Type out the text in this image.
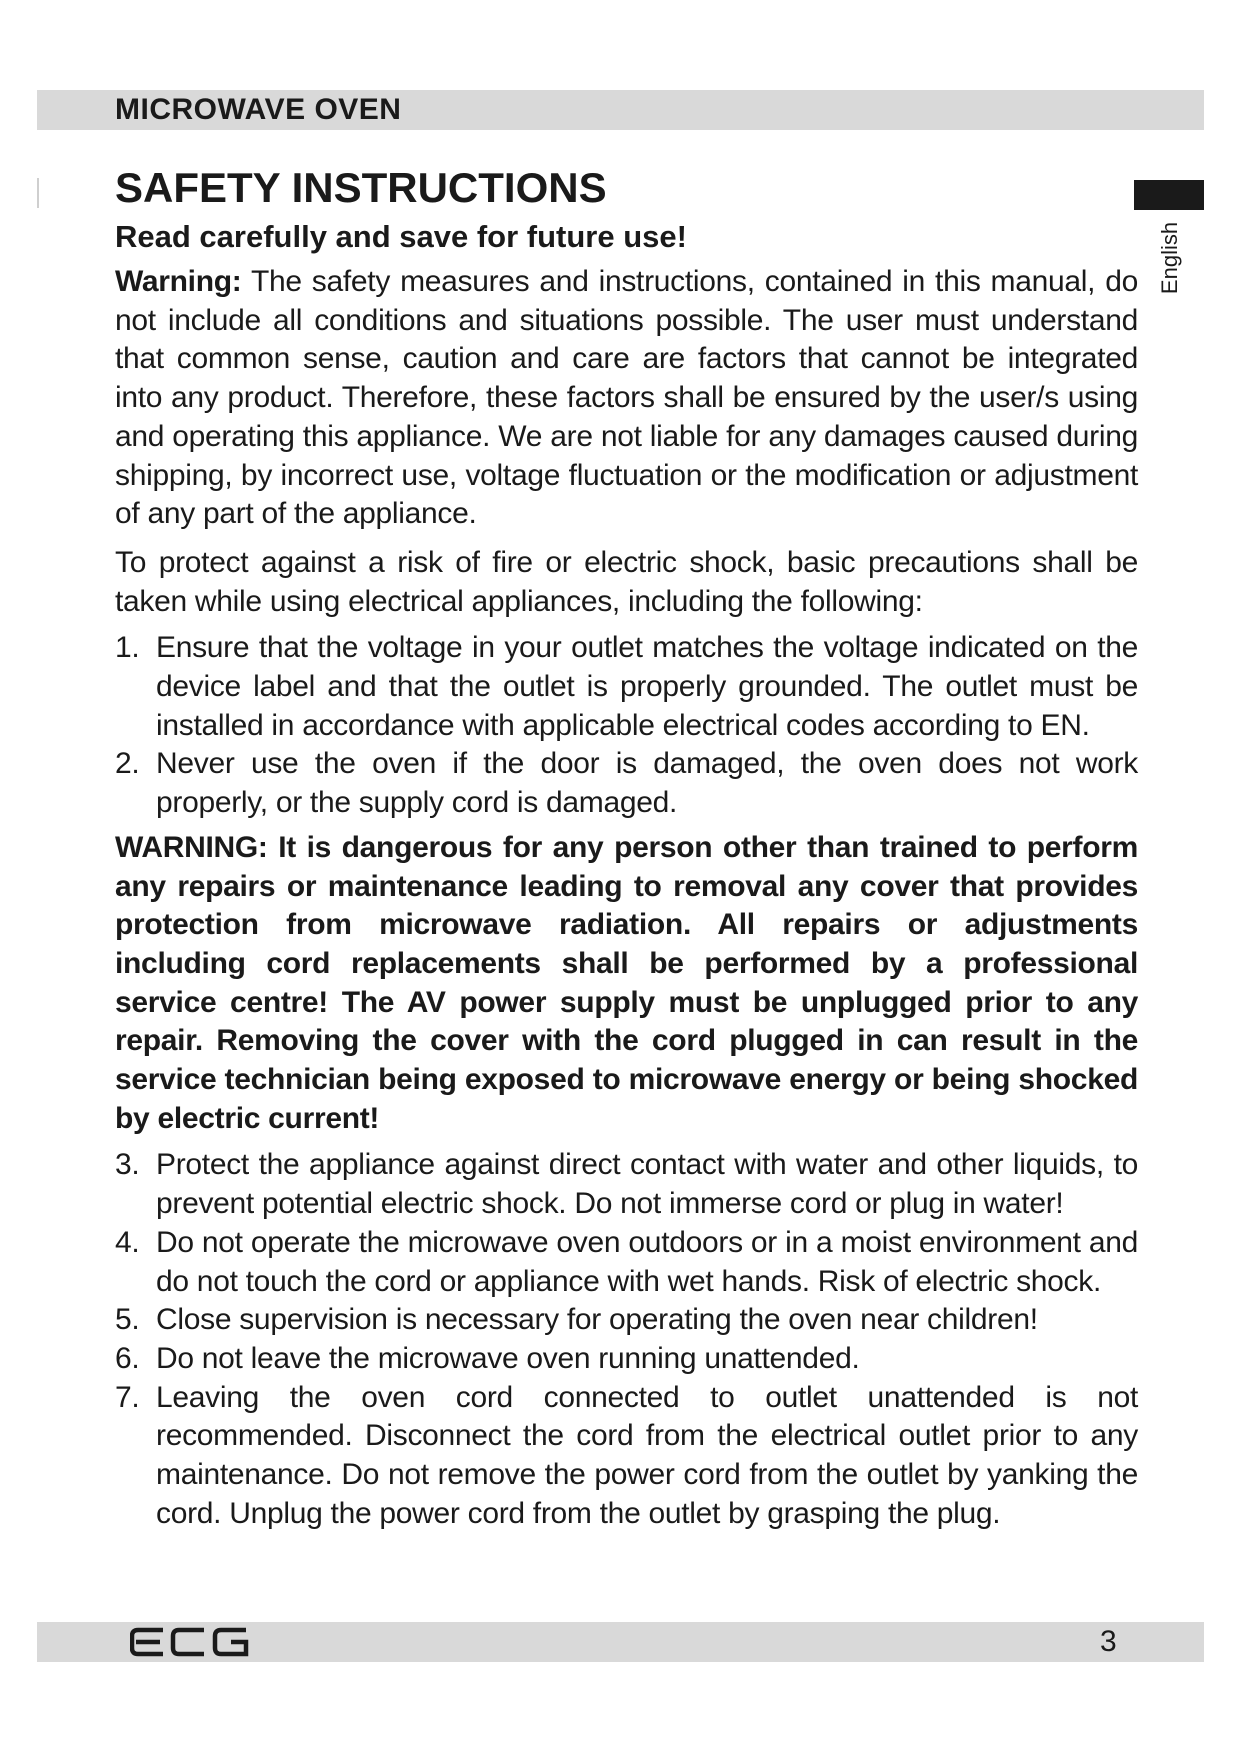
MICROWAVE OVEN
English
SAFETY INSTRUCTIONS
Read carefully and save for future use!

Warning: The safety measures and instructions, contained in this manual, do not include all conditions and situations possible. The user must understand that common sense, caution and care are factors that cannot be integrated into any product. Therefore, these factors shall be ensured by the user/s using and operating this appliance. We are not liable for any damages caused during shipping, by incorrect use, voltage fluctuation or the modification or adjustment of any part of the appliance.

To protect against a risk of fire or electric shock, basic precautions shall be taken while using electrical appliances, including the following:

1. Ensure that the voltage in your outlet matches the voltage indicated on the device label and that the outlet is properly grounded. The outlet must be installed in accordance with applicable electrical codes according to EN.
2. Never use the oven if the door is damaged, the oven does not work properly, or the supply cord is damaged.
WARNING: It is dangerous for any person other than trained to perform any repairs or maintenance leading to removal any cover that provides protection from microwave radiation. All repairs or adjustments including cord replacements shall be performed by a professional service centre! The AV power supply must be unplugged prior to any repair. Removing the cover with the cord plugged in can result in the service technician being exposed to microwave energy or being shocked by electric current!
3. Protect the appliance against direct contact with water and other liquids, to prevent potential electric shock. Do not immerse cord or plug in water!
4. Do not operate the microwave oven outdoors or in a moist environment and do not touch the cord or appliance with wet hands. Risk of electric shock.
5. Close supervision is necessary for operating the oven near children!
6. Do not leave the microwave oven running unattended.
7. Leaving the oven cord connected to outlet unattended is not recommended. Disconnect the cord from the electrical outlet prior to any maintenance. Do not remove the power cord from the outlet by yanking the cord. Unplug the power cord from the outlet by grasping the plug.
3
